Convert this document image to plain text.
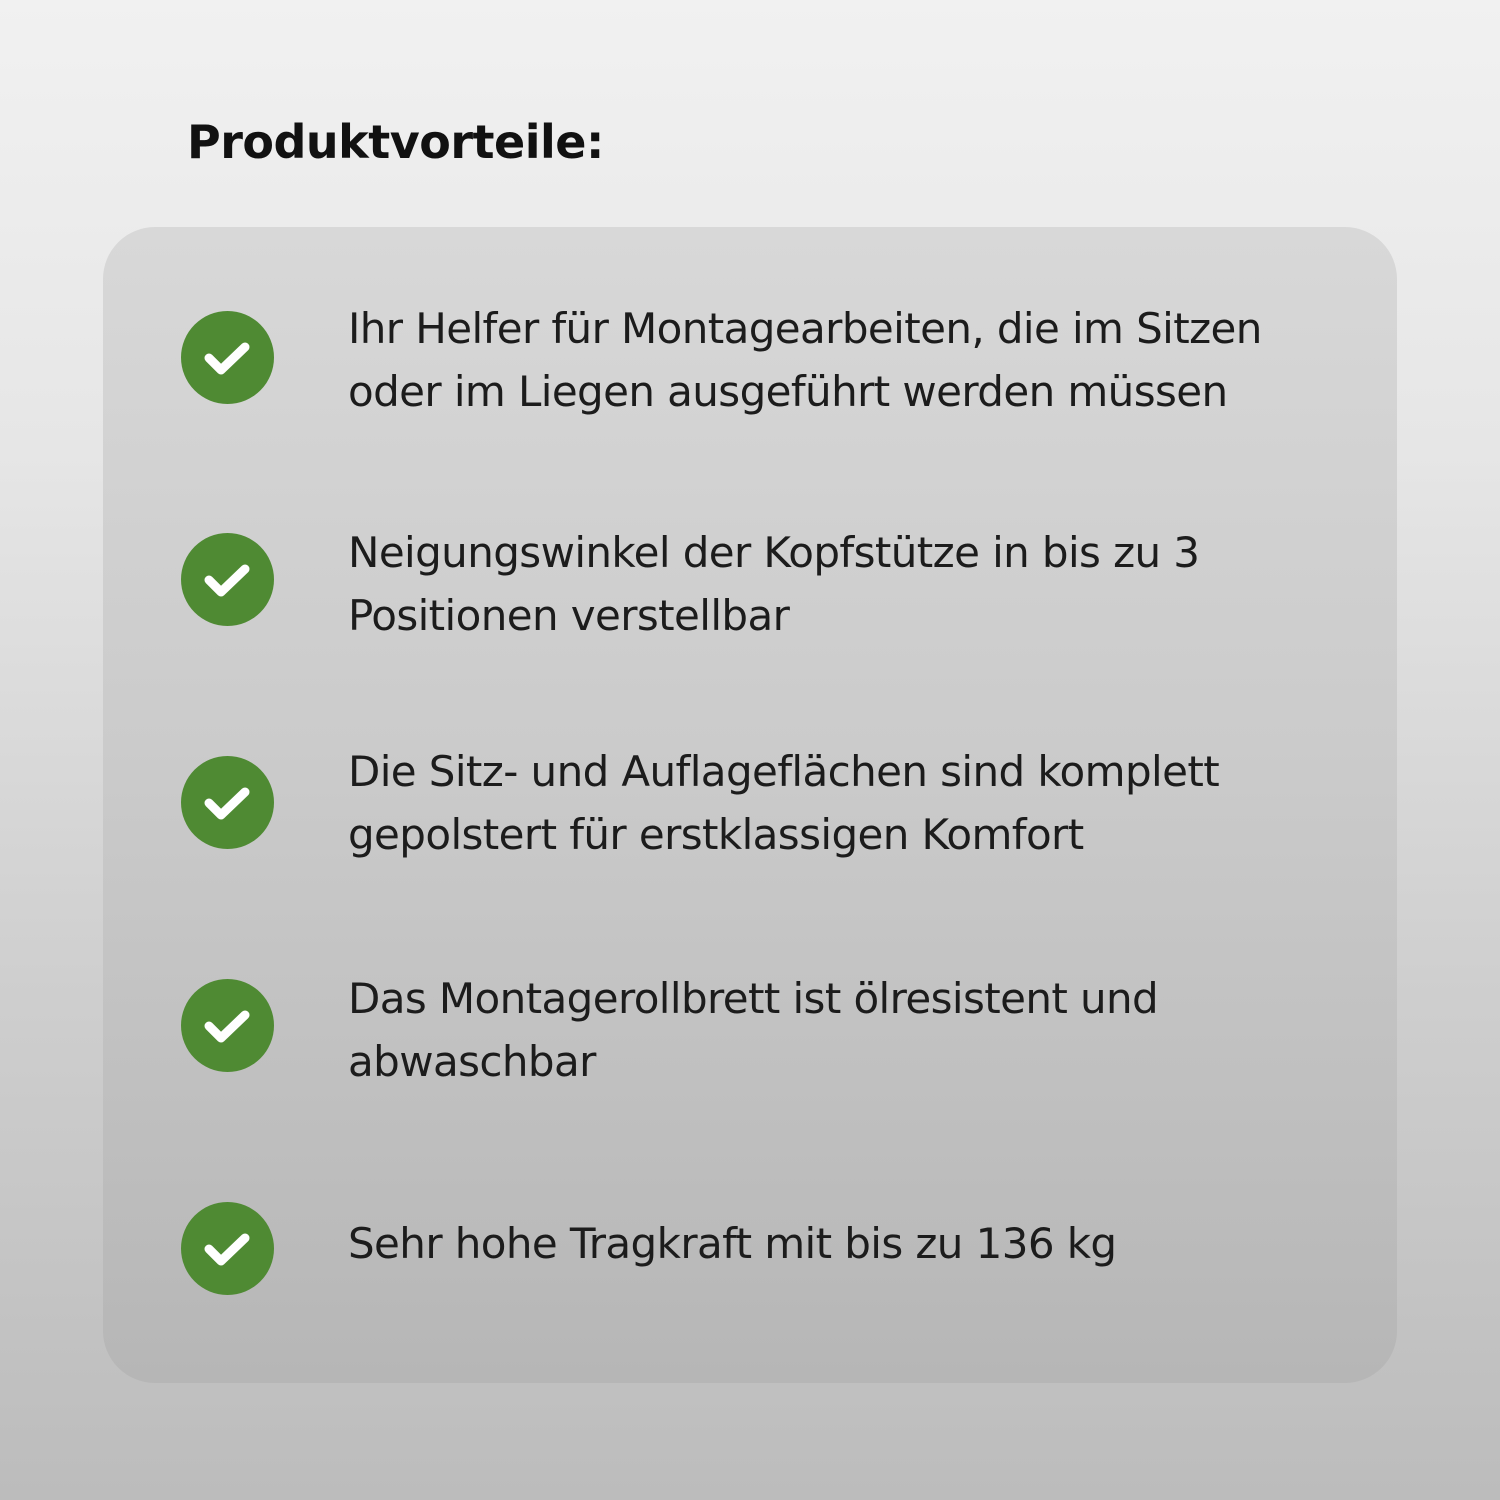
Produktvorteile:

Ihr Helfer für Montagearbeiten, die im Sitzen oder im Liegen ausgeführt werden müssen

Neigungswinkel der Kopfstütze in bis zu 3 Positionen verstellbar

Die Sitz- und Auflageflächen sind komplett gepolstert für erstklassigen Komfort

Das Montagerollbrett ist ölresistent und abwaschbar

Sehr hohe Tragkraft mit bis zu 136 kg
